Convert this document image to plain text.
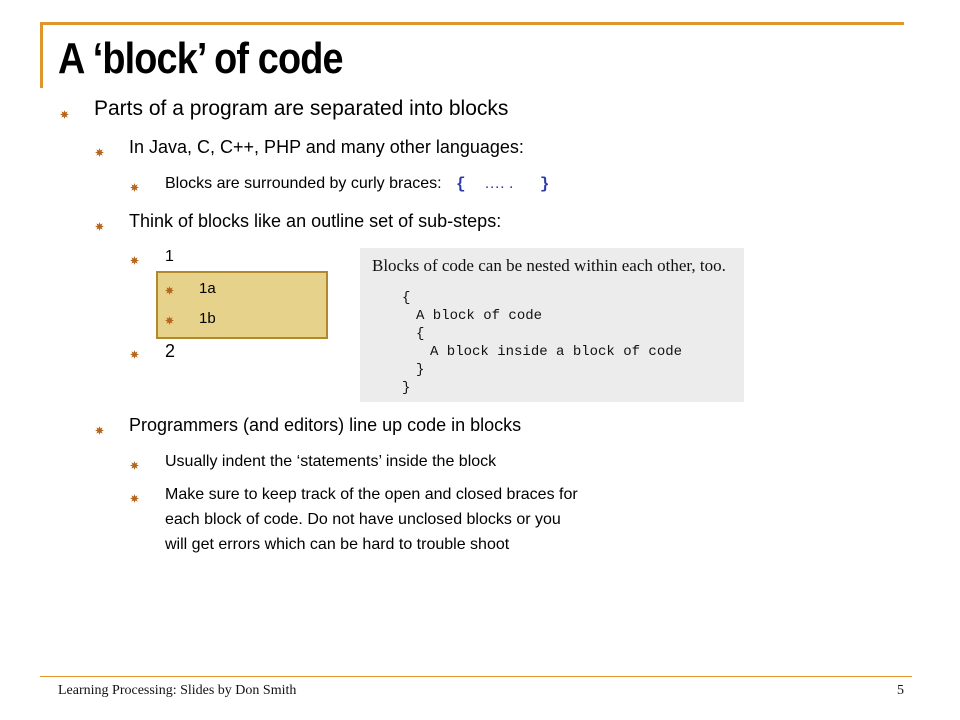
A ‘block’ of code
Parts of a program are separated into blocks
In Java, C, C++, PHP and many other languages:
Blocks are surrounded by curly braces: { …. . }
Think of blocks like an outline set of sub-steps:
1
1a
1b
2
Blocks of code can be nested within each other, too.
{
A block of code
{
A block inside a block of code
}
}
Programmers (and editors) line up code in blocks
Usually indent the ‘statements’ inside the block
Make sure to keep track of the open and closed braces for
each block of code. Do not have unclosed blocks or you
will get errors which can be hard to trouble shoot
Learning Processing: Slides by Don Smith	5
